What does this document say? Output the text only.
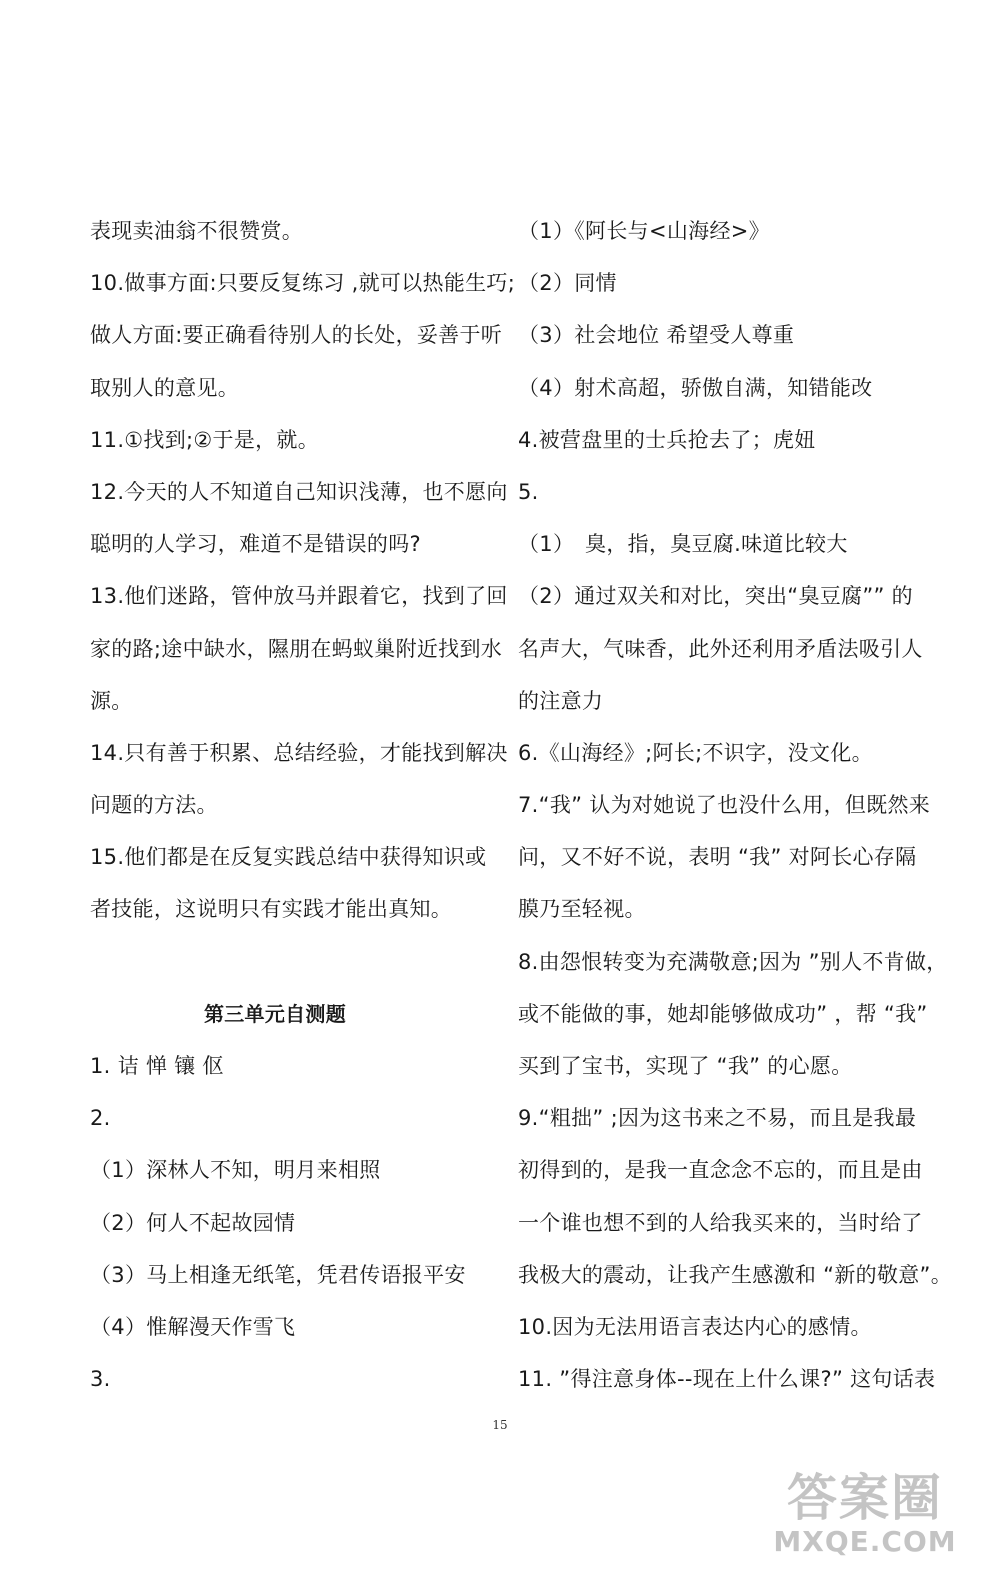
表现卖油翁不很赞赏。
10.做事方面:只要反复练习 ,就可以热能生巧;
做人方面:要正确看待别人的长处，妥善于听
取别人的意见。
11.①找到;②于是，就。
12.今天的人不知道自己知识浅薄，也不愿向
聪明的人学习，难道不是错误的吗?
13.他们迷路，管仲放马并跟着它，找到了回
家的路;途中缺水，隰朋在蚂蚁巢附近找到水
源。
14.只有善于积累、总结经验，才能找到解决
问题的方法。
15.他们都是在反复实践总结中获得知识或
者技能，这说明只有实践才能出真知。
第三单元自测题
1. 诘 惮 镶 伛
2.
（1）深林人不知，明月来相照
（2）何人不起故园情
（3）马上相逢无纸笔，凭君传语报平安
（4）惟解漫天作雪飞
3.
（1）《阿长与<山海经>》
（2）同情
（3）社会地位 希望受人尊重
（4）射术高超，骄傲自满，知错能改
4.被营盘里的士兵抢去了；虎妞
5.
（1）　臭，指，臭豆腐.味道比较大
（2）通过双关和对比，突出“臭豆腐”” 的
名声大，气味香，此外还利用矛盾法吸引人
的注意力
6.《山海经》;阿长;不识字，没文化。
7.“我” 认为对她说了也没什么用，但既然来
问，又不好不说，表明 “我” 对阿长心存隔
膜乃至轻视。
8.由怨恨转变为充满敬意;因为 ”别人不肯做，
或不能做的事，她却能够做成功” ，帮 “我”
买到了宝书，实现了 “我” 的心愿。
9.“粗拙” ;因为这书来之不易，而且是我最
初得到的，是我一直念念不忘的，而且是由
一个谁也想不到的人给我买来的，当时给了
我极大的震动，让我产生感激和 “新的敬意”。
10.因为无法用语言表达内心的感情。
11. ”得注意身体--现在上什么课?” 这句话表
15
答案圈
MXQE.COM
